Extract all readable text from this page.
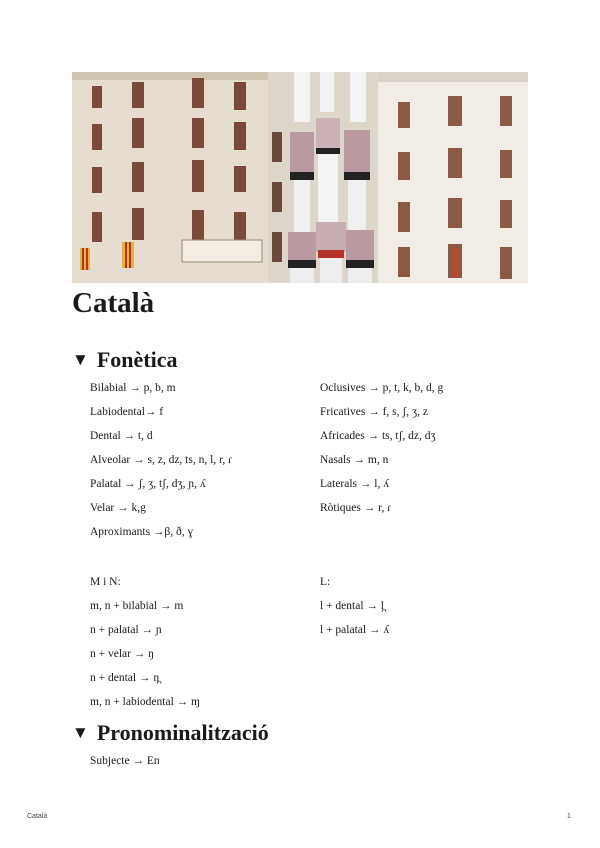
Català
▼ Fonètica
Bilabial → p, b, m
Labiodental→ f
Dental → t, d
Alveolar → s, z, dz, ts, n, l, r, ɾ
Palatal → ʃ, ʒ, tʃ, dʒ, ɲ, ʎ
Velar → k,g
Aproximants →β, ð, ɣ
Oclusives → p, t, k, b, d, g
Fricatives → f, s, ʃ, ʒ, z
Africades → ts, tʃ, dz, dʒ
Nasals → m, n
Laterals → l, ʎ
Ròtiques → r, ɾ
M i N:
m, n + bilabial → m
n + palatal → ɲ
n + velar → ŋ
n + dental → n̪
m, n + labiodental → ɱ
L:
l + dental → l̪
l + palatal → ʎ
▼ Pronominalització
Subjecte → En
Català	1
